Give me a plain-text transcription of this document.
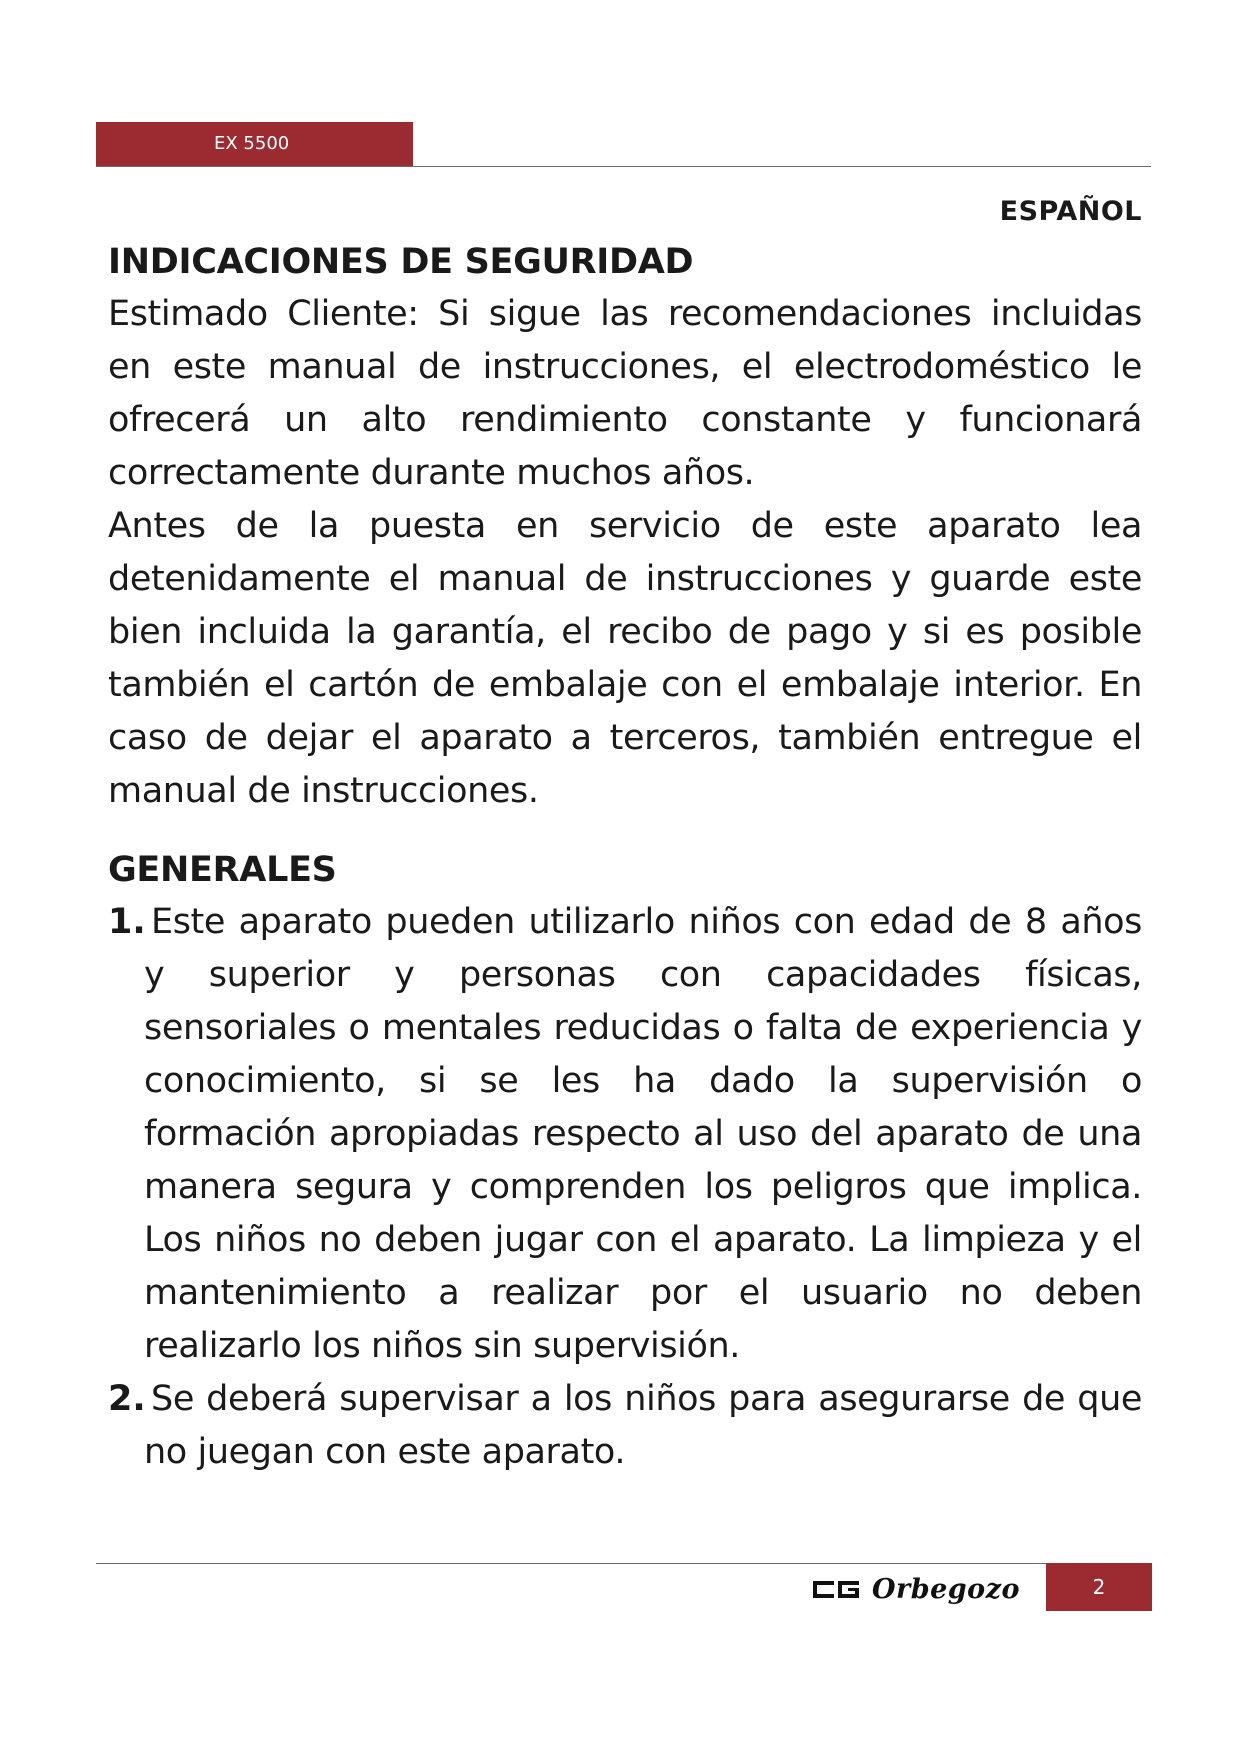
EX 5500
ESPAÑOL
INDICACIONES DE SEGURIDAD

Estimado Cliente: Si sigue las recomendaciones incluidas en este manual de instrucciones, el electrodoméstico le ofrecerá un alto rendimiento constante y funcionará correctamente durante muchos años.

Antes de la puesta en servicio de este aparato lea detenidamente el manual de instrucciones y guarde este bien incluida la garantía, el recibo de pago y si es posible también el cartón de embalaje con el embalaje interior. En caso de dejar el aparato a terceros, también entregue el manual de instrucciones.

GENERALES
1. Este aparato pueden utilizarlo niños con edad de 8 años y superior y personas con capacidades físicas, sensoriales o mentales reducidas o falta de experiencia y conocimiento, si se les ha dado la supervisión o formación apropiadas respecto al uso del aparato de una manera segura y comprenden los peligros que implica. Los niños no deben jugar con el aparato. La limpieza y el mantenimiento a realizar por el usuario no deben realizarlo los niños sin supervisión.
2. Se deberá supervisar a los niños para asegurarse de que no juegan con este aparato.
Orbegozo	2
